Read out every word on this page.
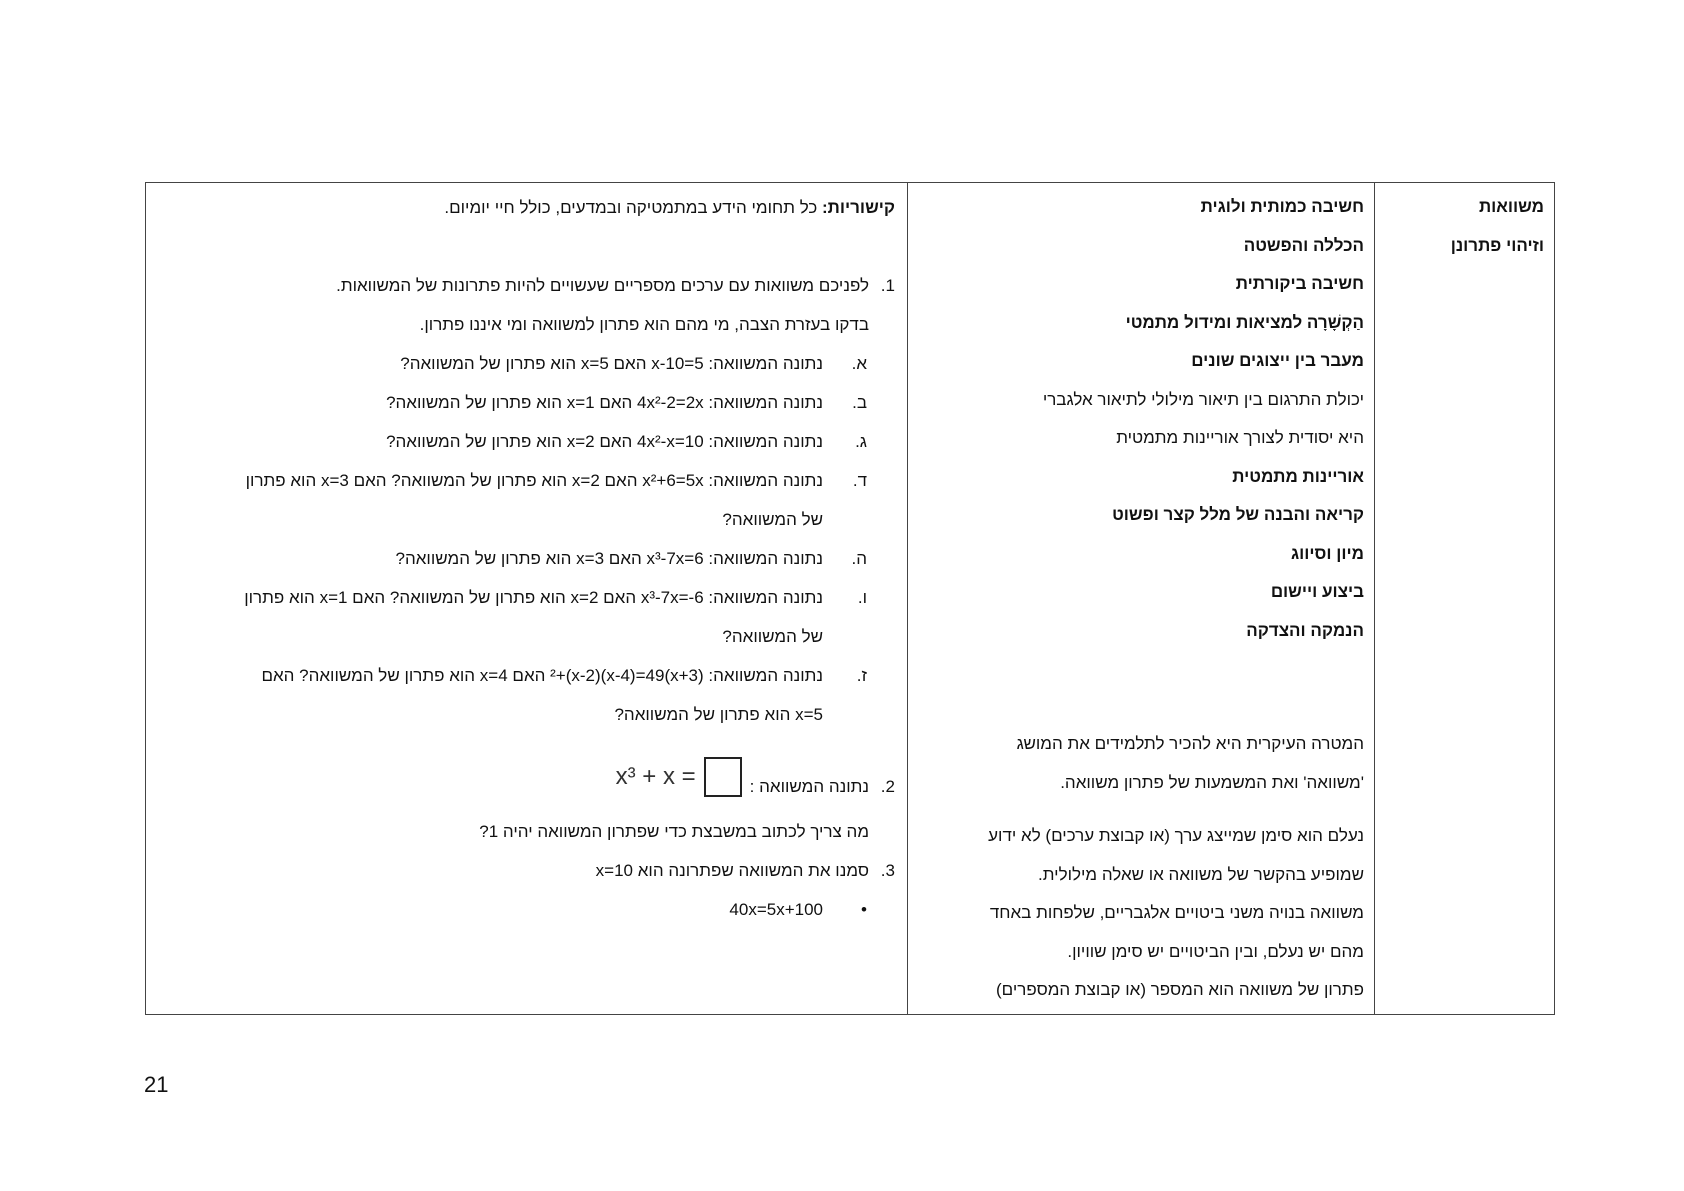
משוואות
וזיהוי פתרונן
חשיבה כמותית ולוגית
הכללה והפשטה
חשיבה ביקורתית
הַקְשָׁרָה למציאות ומידול מתמטי
מעבר בין ייצוגים שונים
יכולת התרגום בין תיאור מילולי לתיאור אלגברי
היא יסודית לצורך אוריינות מתמטית
אוריינות מתמטית
קריאה והבנה של מלל קצר ופשוט
מיון וסיווג
ביצוע ויישום
הנמקה והצדקה
המטרה העיקרית היא להכיר לתלמידים את המושג
'משוואה' ואת המשמעות של פתרון משוואה.
נעלם הוא סימן שמייצג ערך (או קבוצת ערכים) לא ידוע
שמופיע בהקשר של משוואה או שאלה מילולית.
משוואה בנויה משני ביטויים אלגבריים, שלפחות באחד
מהם יש נעלם, ובין הביטויים יש סימן שוויון.
פתרון של משוואה הוא המספר (או קבוצת המספרים)
קישוריות: כל תחומי הידע במתמטיקה ובמדעים, כולל חיי יומיום.
1.
לפניכם משוואות עם ערכים מספריים שעשויים להיות פתרונות של המשוואות.
בדקו בעזרת הצבה, מי מהם הוא פתרון למשוואה ומי איננו פתרון.
א.
נתונה המשוואה: x-10=5 האם x=5 הוא פתרון של המשוואה?
ב.
נתונה המשוואה: 4x²-2=2x האם x=1 הוא פתרון של המשוואה?
ג.
נתונה המשוואה: 4x²-x=10 האם x=2 הוא פתרון של המשוואה?
ד.
נתונה המשוואה: x²+6=5x האם x=2 הוא פתרון של המשוואה? האם x=3 הוא פתרון
של המשוואה?
ה.
נתונה המשוואה: x³-7x=6 האם x=3 הוא פתרון של המשוואה?
ו.
נתונה המשוואה: x³-7x=-6 האם x=2 הוא פתרון של המשוואה? האם x=1 הוא פתרון
של המשוואה?
ז.
נתונה המשוואה: (3+x)²+(x-2)(x-4)=49 האם x=4 הוא פתרון של המשוואה? האם
x=5 הוא פתרון של המשוואה?
2.
נתונה המשוואה :
x³ + x =
מה צריך לכתוב במשבצת כדי שפתרון המשוואה יהיה 1?
3.
סמנו את המשוואה שפתרונה הוא x=10
•40x=5x+100
21
